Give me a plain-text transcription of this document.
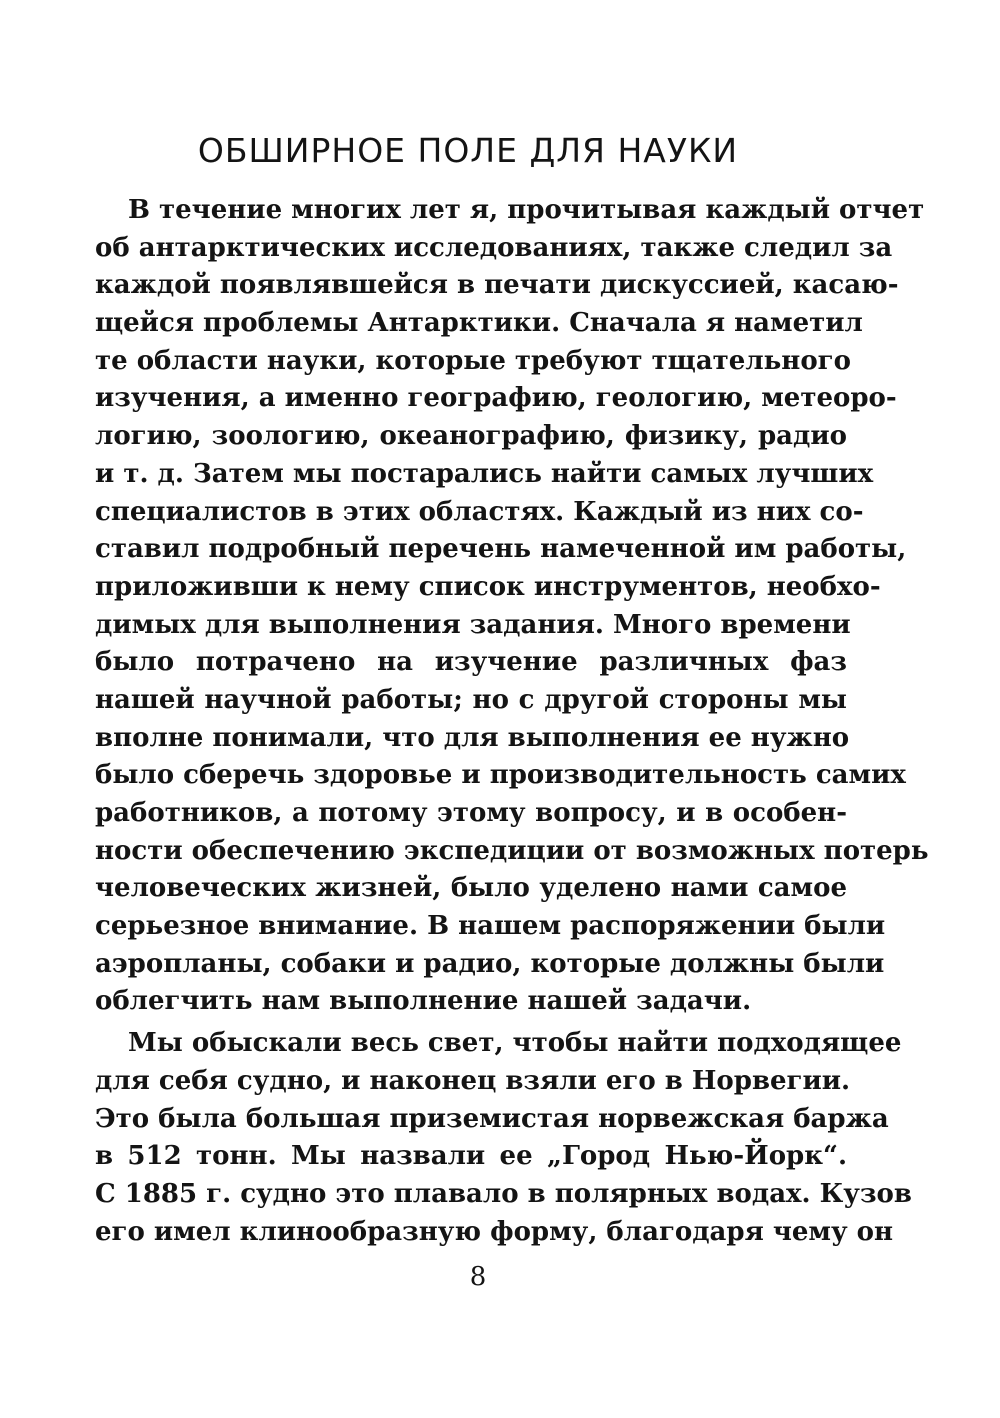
ОБШИРНОЕ ПОЛЕ ДЛЯ НАУКИ
В течение многих лет я, прочитывая каждый отчет
об антарктических исследованиях, также следил за
каждой появлявшейся в печати дискуссией, касаю-
щейся проблемы Антарктики. Сначала я наметил
те области науки, которые требуют тщательного
изучения, а именно географию, геологию, метеоро-
логию, зоологию, океанографию, физику, радио
и т. д. Затем мы постарались найти самых лучших
специалистов в этих областях. Каждый из них со-
ставил подробный перечень намеченной им работы,
приложивши к нему список инструментов, необхо-
димых для выполнения задания. Много времени
было потрачено на изучение различных фаз
нашей научной работы; но с другой стороны мы
вполне понимали, что для выполнения ее нужно
было сберечь здоровье и производительность самих
работников, а потому этому вопросу, и в особен-
ности обеспечению экспедиции от возможных потерь
человеческих жизней, было уделено нами самое
серьезное внимание. В нашем распоряжении были
аэропланы, собаки и радио, которые должны были
облегчить нам выполнение нашей задачи.
Мы обыскали весь свет, чтобы найти подходящее
для себя судно, и наконец взяли его в Норвегии.
Это была большая приземистая норвежская баржа
в 512 тонн. Мы назвали ее „Город Нью-Йорк“.
С 1885 г. судно это плавало в полярных водах. Кузов
его имел клинообразную форму, благодаря чему он
8
